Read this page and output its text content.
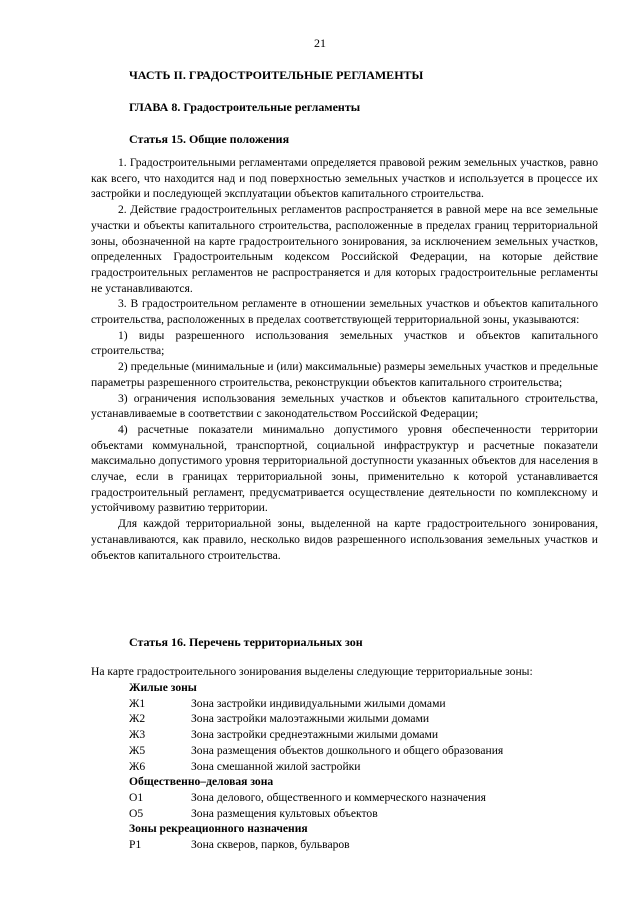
21
ЧАСТЬ II. ГРАДОСТРОИТЕЛЬНЫЕ РЕГЛАМЕНТЫ
ГЛАВА 8. Градостроительные регламенты
Статья 15. Общие положения

1. Градостроительными регламентами определяется правовой режим земельных участков, равно как всего, что находится над и под поверхностью земельных участков и используется в процессе их застройки и последующей эксплуатации объектов капитального строительства.

2. Действие градостроительных регламентов распространяется в равной мере на все земельные участки и объекты капитального строительства, расположенные в пределах границ территориальной зоны, обозначенной на карте градостроительного зонирования, за исключением земельных участков, определенных Градостроительным кодексом Российской Федерации, на которые действие градостроительных регламентов не распространяется и для которых градостроительные регламенты не устанавливаются.

3. В градостроительном регламенте в отношении земельных участков и объектов капитального строительства, расположенных в пределах соответствующей территориальной зоны, указываются:

1) виды разрешенного использования земельных участков и объектов капитального строительства;

2) предельные (минимальные и (или) максимальные) размеры земельных участков и предельные параметры разрешенного строительства, реконструкции объектов капитального строительства;

3) ограничения использования земельных участков и объектов капитального строительства, устанавливаемые в соответствии с законодательством Российской Федерации;

4) расчетные показатели минимально допустимого уровня обеспеченности территории объектами коммунальной, транспортной, социальной инфраструктур и расчетные показатели максимально допустимого уровня территориальной доступности указанных объектов для населения в случае, если в границах территориальной зоны, применительно к которой устанавливается градостроительный регламент, предусматривается осуществление деятельности по комплексному и устойчивому развитию территории.

Для каждой территориальной зоны, выделенной на карте градостроительного зонирования, устанавливаются, как правило, несколько видов разрешенного использования земельных участков и объектов капитального строительства.

Статья 16. Перечень территориальных зон
На карте градостроительного зонирования выделены следующие территориальные зоны:
Жилые зоны
Ж1	Зона застройки индивидуальными жилыми домами
Ж2	Зона застройки малоэтажными жилыми домами
Ж3	Зона застройки среднеэтажными жилыми домами
Ж5	Зона размещения объектов дошкольного и общего образования
Ж6	Зона смешанной жилой застройки
Общественно–деловая зона
О1	Зона делового, общественного и коммерческого назначения
О5	Зона размещения культовых объектов
Зоны рекреационного назначения
Р1	Зона скверов, парков, бульваров
